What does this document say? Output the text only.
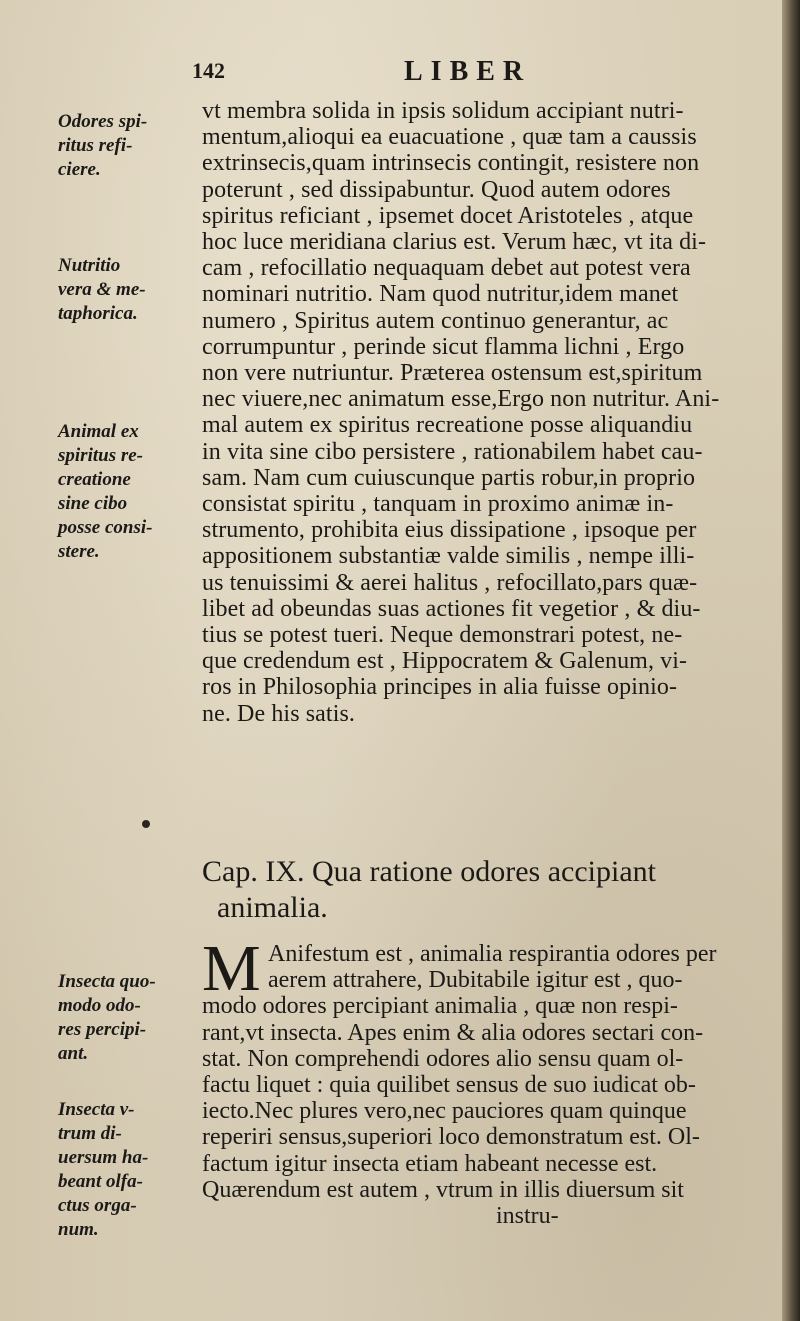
142	LIBER
Odores spi-
ritus refi-
ciere.
Nutritio
vera & me-
taphorica.
Animal ex
spiritus re-
creatione
sine cibo
posse consi-
stere.
Insecta quo-
modo odo-
res percipi-
ant.
Insecta v-
trum di-
uersum ha-
beant olfa-
ctus orga-
num.
vt membra solida in ipsis solidum accipiant nutri-
mentum,alioqui ea euacuatione , quæ tam a caussis
extrinsecis,quam intrinsecis contingit, resistere non
poterunt , sed dissipabuntur. Quod autem odores
spiritus reficiant , ipsemet docet Aristoteles , atque
hoc luce meridiana clarius est. Verum hæc, vt ita di-
cam , refocillatio nequaquam debet aut potest vera
nominari nutritio. Nam quod nutritur,idem manet
numero , Spiritus autem continuo generantur, ac
corrumpuntur , perinde sicut flamma lichni , Ergo
non vere nutriuntur. Præterea ostensum est,spiritum
nec viuere,nec animatum esse,Ergo non nutritur. Ani-
mal autem ex spiritus recreatione posse aliquandiu
in vita sine cibo persistere , rationabilem habet cau-
sam. Nam cum cuiuscunque partis robur,in proprio
consistat spiritu , tanquam in proximo animæ in-
strumento, prohibita eius dissipatione , ipsoque per
appositionem substantiæ valde similis , nempe illi-
us tenuissimi & aerei halitus , refocillato,pars quæ-
libet ad obeundas suas actiones fit vegetior , & diu-
tius se potest tueri. Neque demonstrari potest, ne-
que credendum est , Hippocratem & Galenum, vi-
ros in Philosophia principes in alia fuisse opinio-
ne. De his satis.
Cap. IX. Qua ratione odores accipiant
animalia.
M Anifestum est , animalia respirantia odores per
aerem attrahere, Dubitabile igitur est , quo-
modo odores percipiant animalia , quæ non respi-
rant,vt insecta. Apes enim & alia odores sectari con-
stat. Non comprehendi odores alio sensu quam ol-
factu liquet : quia quilibet sensus de suo iudicat ob-
iecto.Nec plures vero,nec pauciores quam quinque
reperiri sensus,superiori loco demonstratum est. Ol-
factum igitur insecta etiam habeant necesse est.
Quærendum est autem , vtrum in illis diuersum sit
instru-
